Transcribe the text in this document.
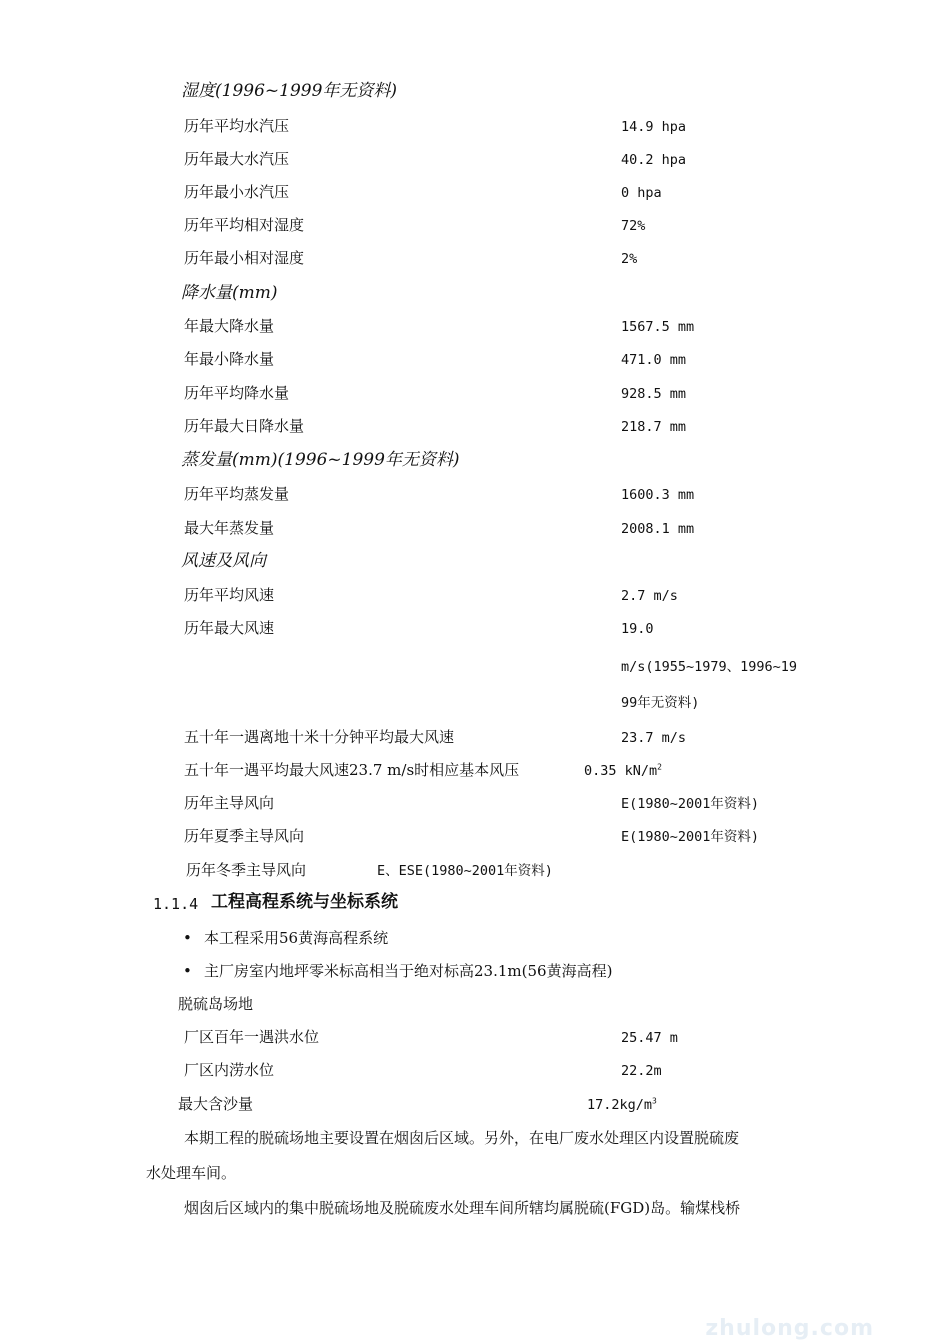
湿度(1996~1999年无资料)
历年平均水汽压	14.9 hpa
历年最大水汽压	40.2 hpa
历年最小水汽压	0 hpa
历年平均相对湿度	72%
历年最小相对湿度	2%
降水量(mm)
年最大降水量	1567.5 mm
年最小降水量	471.0 mm
历年平均降水量	928.5 mm
历年最大日降水量	218.7 mm
蒸发量(mm)(1996~1999年无资料)
历年平均蒸发量	1600.3 mm
最大年蒸发量	2008.1 mm
风速及风向
历年平均风速	2.7 m/s
历年最大风速	19.0
m/s(1955~1979、1996~19
99年无资料)
五十年一遇离地十米十分钟平均最大风速	23.7 m/s
五十年一遇平均最大风速23.7 m/s时相应基本风压	0.35 $kN/m^2$
历年主导风向	E(1980~2001年资料)
历年夏季主导风向	E(1980~2001年资料)
历年冬季主导风向	E、ESE(1980~2001年资料)
1.1.4 工程高程系统与坐标系统
• 本工程采用56黄海高程系统
• 主厂房室内地坪零米标高相当于绝对标高23.1m(56黄海高程)
脱硫岛场地
厂区百年一遇洪水位	25.47 m
厂区内涝水位	22.2m
最大含沙量	$17.2kg/m^3$
本期工程的脱硫场地主要设置在烟囱后区域。另外，在电厂废水处理区内设置脱硫废
水处理车间。
烟囱后区域内的集中脱硫场地及脱硫废水处理车间所辖均属脱硫(FGD)岛。输煤栈桥
zhulong.com
